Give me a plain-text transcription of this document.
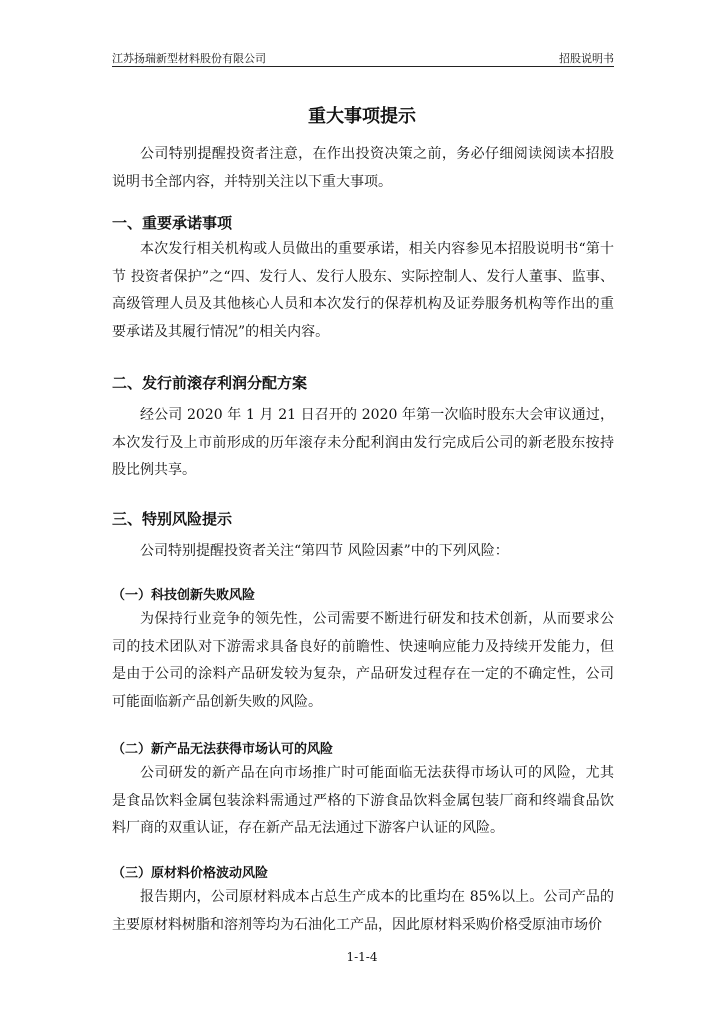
江苏扬瑞新型材料股份有限公司	招股说明书
重大事项提示

公司特别提醒投资者注意，在作出投资决策之前，务必仔细阅读阅读本招股说明书全部内容，并特别关注以下重大事项。

一、重要承诺事项

本次发行相关机构或人员做出的重要承诺，相关内容参见本招股说明书“第十节 投资者保护”之“四、发行人、发行人股东、实际控制人、发行人董事、监事、高级管理人员及其他核心人员和本次发行的保荐机构及证券服务机构等作出的重要承诺及其履行情况”的相关内容。

二、发行前滚存利润分配方案

经公司 2020 年 1 月 21 日召开的 2020 年第一次临时股东大会审议通过，本次发行及上市前形成的历年滚存未分配利润由发行完成后公司的新老股东按持股比例共享。

三、特别风险提示

公司特别提醒投资者关注“第四节 风险因素”中的下列风险：

（一）科技创新失败风险

为保持行业竞争的领先性，公司需要不断进行研发和技术创新，从而要求公司的技术团队对下游需求具备良好的前瞻性、快速响应能力及持续开发能力，但是由于公司的涂料产品研发较为复杂，产品研发过程存在一定的不确定性，公司可能面临新产品创新失败的风险。

（二）新产品无法获得市场认可的风险

公司研发的新产品在向市场推广时可能面临无法获得市场认可的风险，尤其是食品饮料金属包装涂料需通过严格的下游食品饮料金属包装厂商和终端食品饮料厂商的双重认证，存在新产品无法通过下游客户认证的风险。

（三）原材料价格波动风险

报告期内，公司原材料成本占总生产成本的比重均在 85%以上。公司产品的主要原材料树脂和溶剂等均为石油化工产品，因此原材料采购价格受原油市场价

1-1-4
